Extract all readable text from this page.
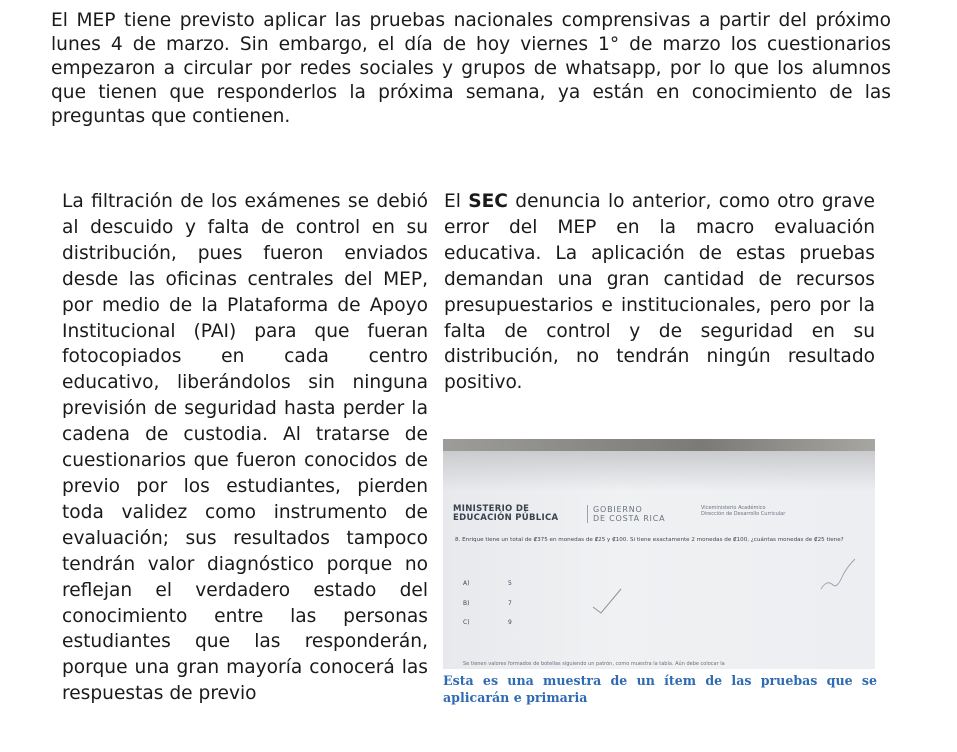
El MEP tiene previsto aplicar las pruebas nacionales comprensivas a partir del próximo lunes 4 de marzo. Sin embargo, el día de hoy viernes 1° de marzo los cuestionarios empezaron a circular por redes sociales y grupos de whatsapp, por lo que los alumnos que tienen que responderlos la próxima semana, ya están en conocimiento de las preguntas que contienen.

La filtración de los exámenes se debió al descuido y falta de control en su distribución, pues fueron enviados desde las oficinas centrales del MEP, por medio de la Plataforma de Apoyo Institucional (PAI) para que fueran fotocopiados en cada centro educativo, liberándolos sin ninguna previsión de seguridad hasta perder la cadena de custodia. Al tratarse de cuestionarios que fueron conocidos de previo por los estudiantes, pierden toda validez como instrumento de evaluación; sus resultados tampoco tendrán valor diagnóstico porque no reflejan el verdadero estado del conocimiento entre las personas estudiantes que las responderán, porque una gran mayoría conocerá las respuestas de previo

El SEC denuncia lo anterior, como otro grave error del MEP en la macro evaluación educativa. La aplicación de estas pruebas demandan una gran cantidad de recursos presupuestarios e institucionales, pero por la falta de control y de seguridad en su distribución, no tendrán ningún resultado positivo.

MINISTERIO DE
EDUCACIÓN PÚBLICA
GOBIERNO
DE COSTA RICA
Viceministerio Académico
Dirección de Desarrollo Curricular
8. Enrique tiene un total de ₡375 en monedas de ₡25 y ₡100. Si tiene exactamente 2 monedas de ₡100, ¿cuántas monedas de ₡25 tiene?
A)	5
B)	7
C)	9
Se tienen valores formados de botellas siguiendo un patrón, como muestra la tabla. Aún debe colocar la

Esta es una muestra de un ítem de las pruebas que se aplicarán e primaria
